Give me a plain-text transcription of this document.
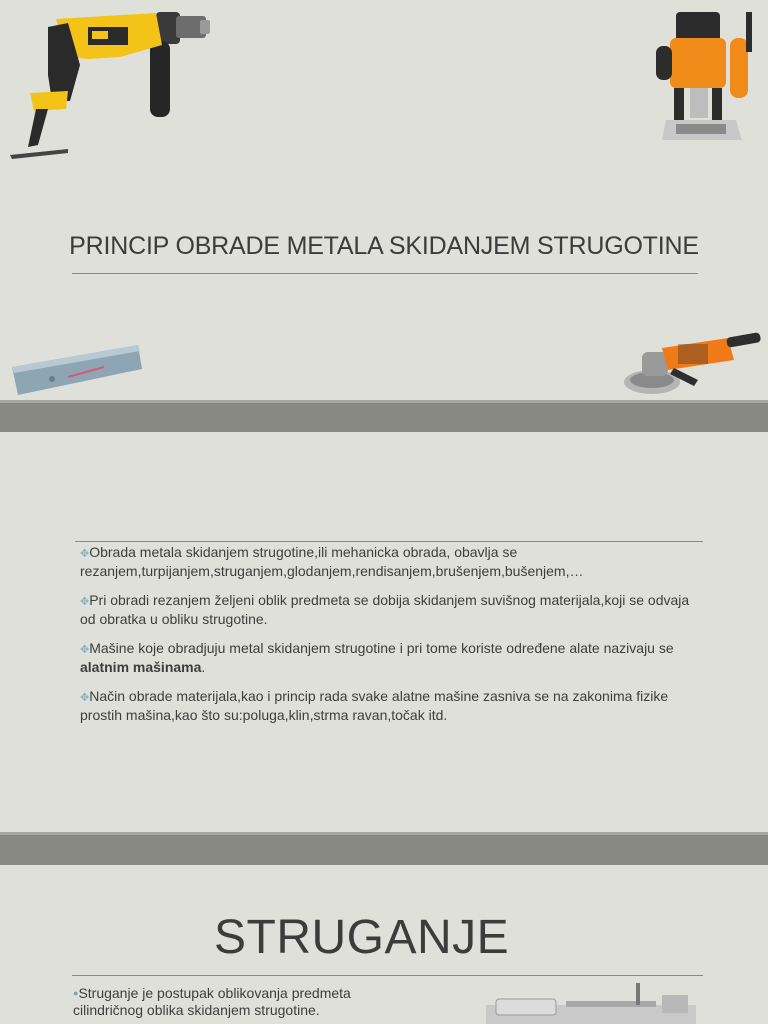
PRINCIP OBRADE METALA SKIDANJEM STRUGOTINE
✥Obrada metala skidanjem strugotine,ili mehanicka obrada, obavlja se rezanjem,turpijanjem,struganjem,glodanjem,rendisanjem,brušenjem,bušenjem,…
✥Pri obradi rezanjem željeni oblik predmeta se dobija skidanjem suvišnog materijala,koji se odvaja od obratka u obliku strugotine.
✥Mašine koje obradjuju metal skidanjem strugotine i pri tome koriste određene alate nazivaju se alatnim mašinama.
✥Način obrade materijala,kao i princip rada svake alatne mašine zasniva se na zakonima fizike prostih mašina,kao što su:poluga,klin,strma ravan,točak itd.
STRUGANJE
●Struganje je postupak oblikovanja predmeta cilindričnog oblika skidanjem strugotine.
